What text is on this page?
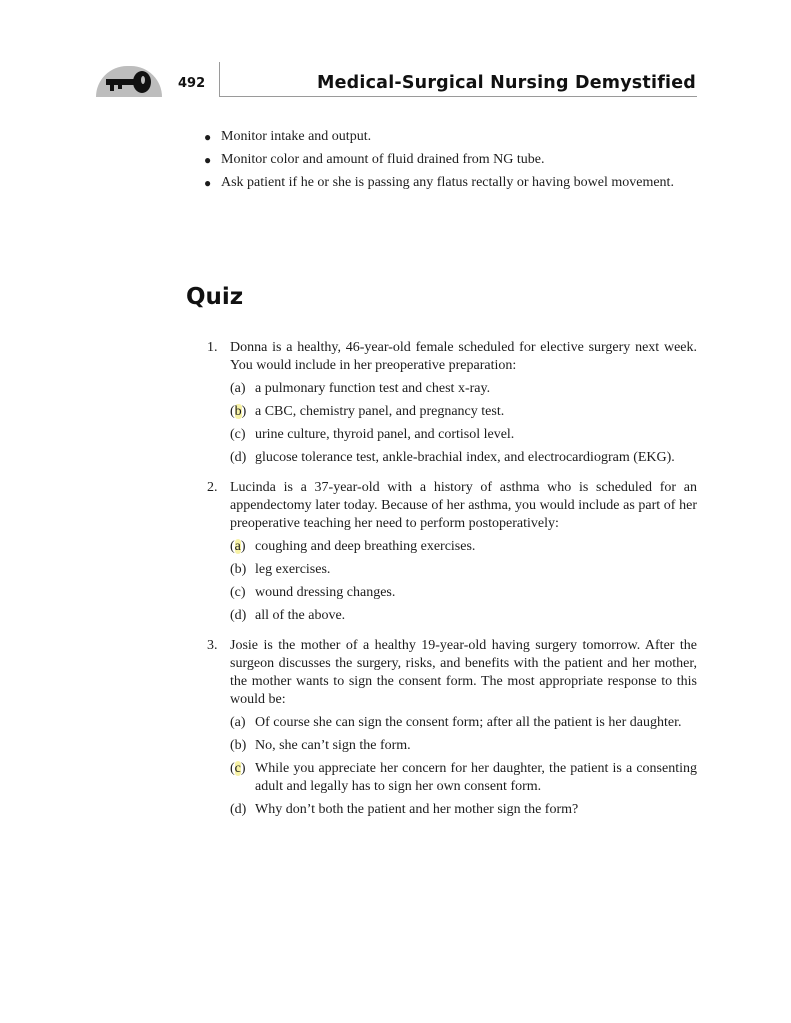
492	Medical-Surgical Nursing Demystified
● Monitor intake and output.
● Monitor color and amount of fluid drained from NG tube.
● Ask patient if he or she is passing any flatus rectally or having bowel movement.
Quiz
1. Donna is a healthy, 46-year-old female scheduled for elective surgery next week. You would include in her preoperative preparation:
(a) a pulmonary function test and chest x-ray.
(b) a CBC, chemistry panel, and pregnancy test.
(c) urine culture, thyroid panel, and cortisol level.
(d) glucose tolerance test, ankle-brachial index, and electrocardiogram (EKG).
2. Lucinda is a 37-year-old with a history of asthma who is scheduled for an appendectomy later today. Because of her asthma, you would include as part of her preoperative teaching her need to perform postoperatively:
(a) coughing and deep breathing exercises.
(b) leg exercises.
(c) wound dressing changes.
(d) all of the above.
3. Josie is the mother of a healthy 19-year-old having surgery tomorrow. After the surgeon discusses the surgery, risks, and benefits with the patient and her mother, the mother wants to sign the consent form. The most appropriate response to this would be:
(a) Of course she can sign the consent form; after all the patient is her daughter.
(b) No, she can’t sign the form.
(c) While you appreciate her concern for her daughter, the patient is a consenting adult and legally has to sign her own consent form.
(d) Why don’t both the patient and her mother sign the form?
